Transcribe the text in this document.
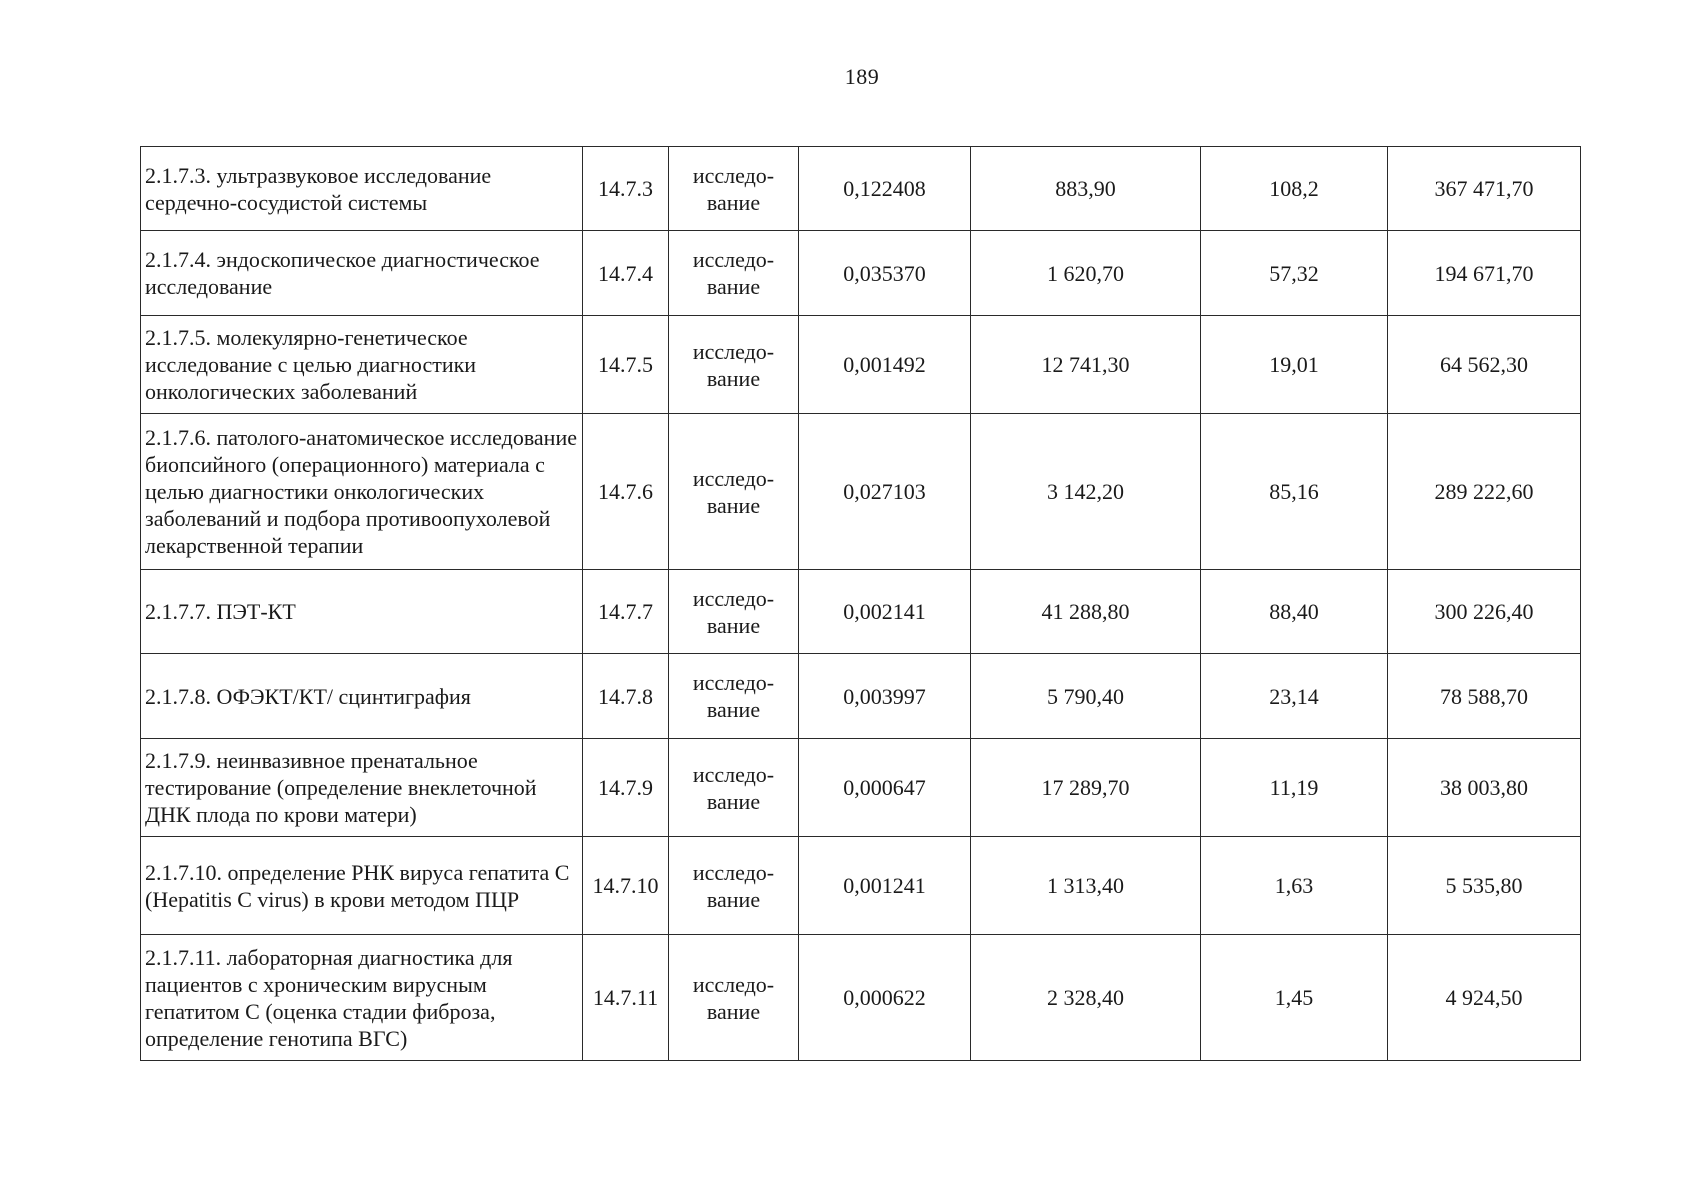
189
2.1.7.3. ультразвуковое исследование сердечно-сосудистой системы	14.7.3	исследо-вание	0,122408	883,90	108,2	367 471,70
2.1.7.4. эндоскопическое диагностическое исследование	14.7.4	исследо-вание	0,035370	1 620,70	57,32	194 671,70
2.1.7.5. молекулярно-генетическое исследование с целью диагностики онкологических заболеваний	14.7.5	исследо-вание	0,001492	12 741,30	19,01	64 562,30
2.1.7.6. патолого-анатомическое исследование биопсийного (операционного) материала с целью диагностики онкологических заболеваний и подбора противоопухолевой лекарственной терапии	14.7.6	исследо-вание	0,027103	3 142,20	85,16	289 222,60
2.1.7.7. ПЭТ-КТ	14.7.7	исследо-вание	0,002141	41 288,80	88,40	300 226,40
2.1.7.8. ОФЭКТ/КТ/ сцинтиграфия	14.7.8	исследо-вание	0,003997	5 790,40	23,14	78 588,70
2.1.7.9. неинвазивное пренатальное тестирование (определение внеклеточной ДНК плода по крови матери)	14.7.9	исследо-вание	0,000647	17 289,70	11,19	38 003,80
2.1.7.10. определение РНК вируса гепатита С (Hepatitis C virus) в крови методом ПЦР	14.7.10	исследо-вание	0,001241	1 313,40	1,63	5 535,80
2.1.7.11. лабораторная диагностика для пациентов с хроническим вирусным гепатитом С (оценка стадии фиброза, определение генотипа ВГС)	14.7.11	исследо-вание	0,000622	2 328,40	1,45	4 924,50
